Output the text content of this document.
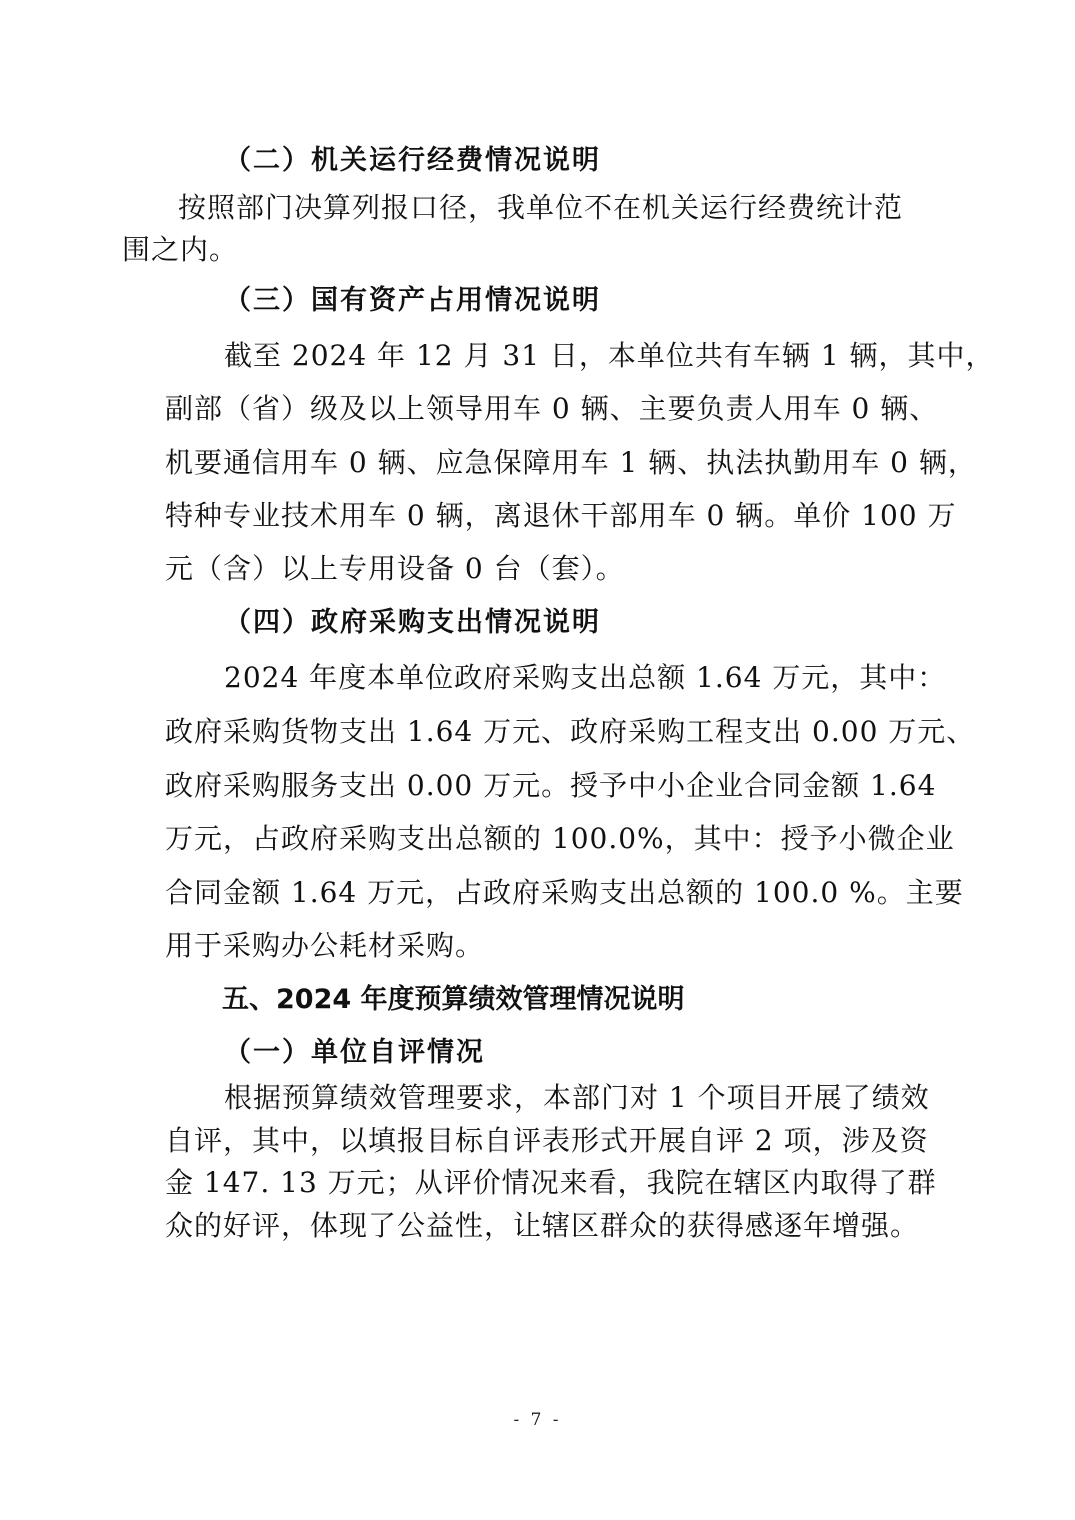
（二）机关运行经费情况说明

按照部门决算列报口径，我单位不在机关运行经费统计范

围之内。

（三）国有资产占用情况说明

截至 2024 年 12 月 31 日，本单位共有车辆 1 辆，其中，

副部（省）级及以上领导用车 0 辆、主要负责人用车 0 辆、

机要通信用车 0 辆、应急保障用车 1 辆、执法执勤用车 0 辆，

特种专业技术用车 0 辆，离退休干部用车 0 辆。单价 100 万

元（含）以上专用设备 0 台（套）。

（四）政府采购支出情况说明

2024 年度本单位政府采购支出总额 1.64 万元，其中：

政府采购货物支出 1.64 万元、政府采购工程支出 0.00 万元、

政府采购服务支出 0.00 万元。授予中小企业合同金额 1.64

万元，占政府采购支出总额的 100.0%，其中：授予小微企业

合同金额 1.64 万元，占政府采购支出总额的 100.0 %。主要

用于采购办公耗材采购。

五、2024 年度预算绩效管理情况说明

（一）单位自评情况

根据预算绩效管理要求，本部门对 1 个项目开展了绩效

自评，其中，以填报目标自评表形式开展自评 2 项，涉及资

金 147. 13 万元；从评价情况来看，我院在辖区内取得了群

众的好评，体现了公益性，让辖区群众的获得感逐年增强。

- 7 -
